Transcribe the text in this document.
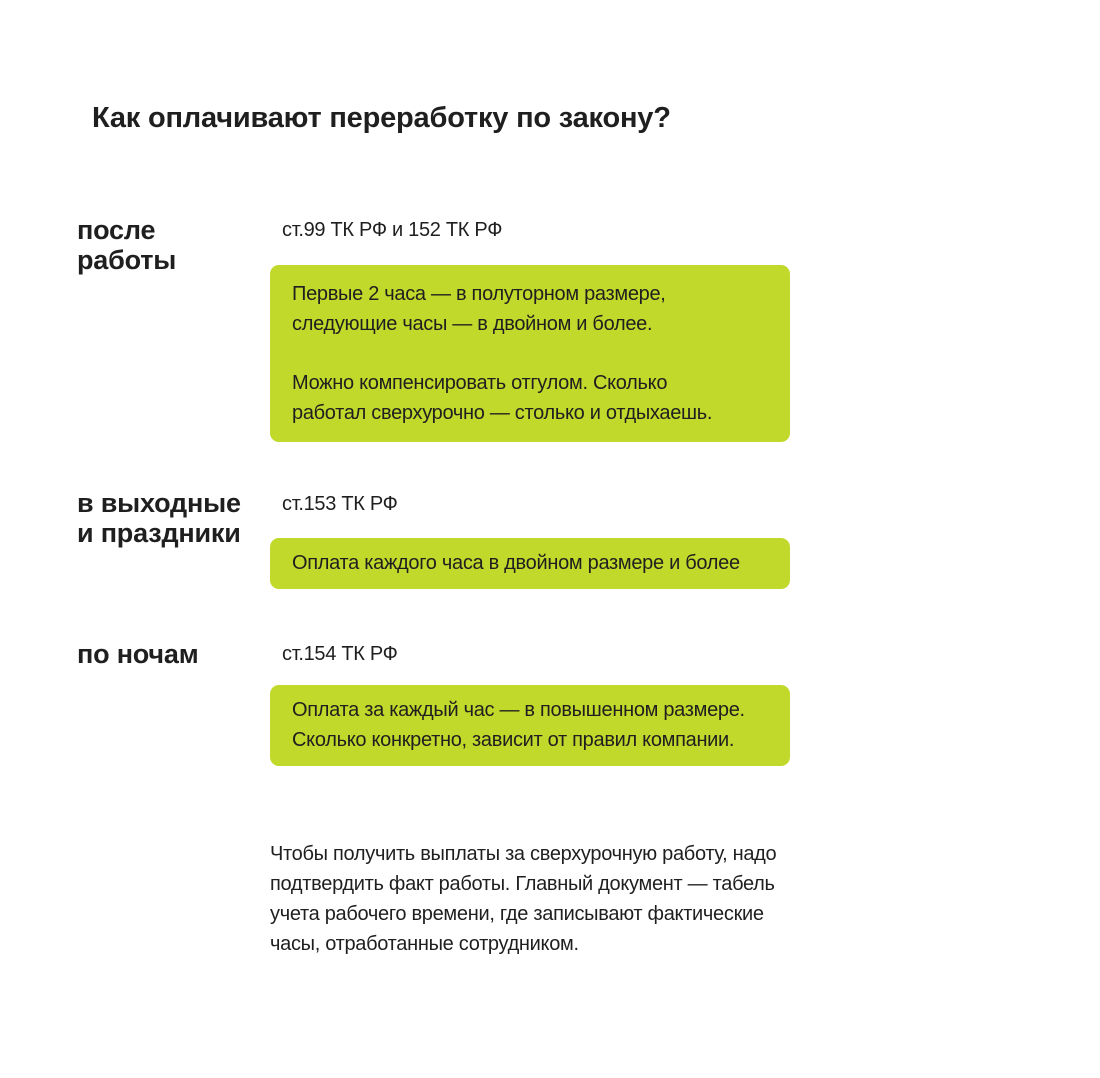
Как оплачивают переработку по закону?
после
работы

ст.99 ТК РФ и 152 ТК РФ

Первые 2 часа — в полуторном размере,
следующие часы — в двойном и более.

Можно компенсировать отгулом. Сколько
работал сверхурочно — столько и отдыхаешь.

в выходные
и праздники

ст.153 ТК РФ

Оплата каждого часа в двойном размере и более

по ночам	ст.154 ТК РФ

Оплата за каждый час — в повышенном размере.
Сколько конкретно, зависит от правил компании.

Чтобы получить выплаты за сверхурочную работу, надо
подтвердить факт работы. Главный документ — табель
учета рабочего времени, где записывают фактические
часы, отработанные сотрудником.
